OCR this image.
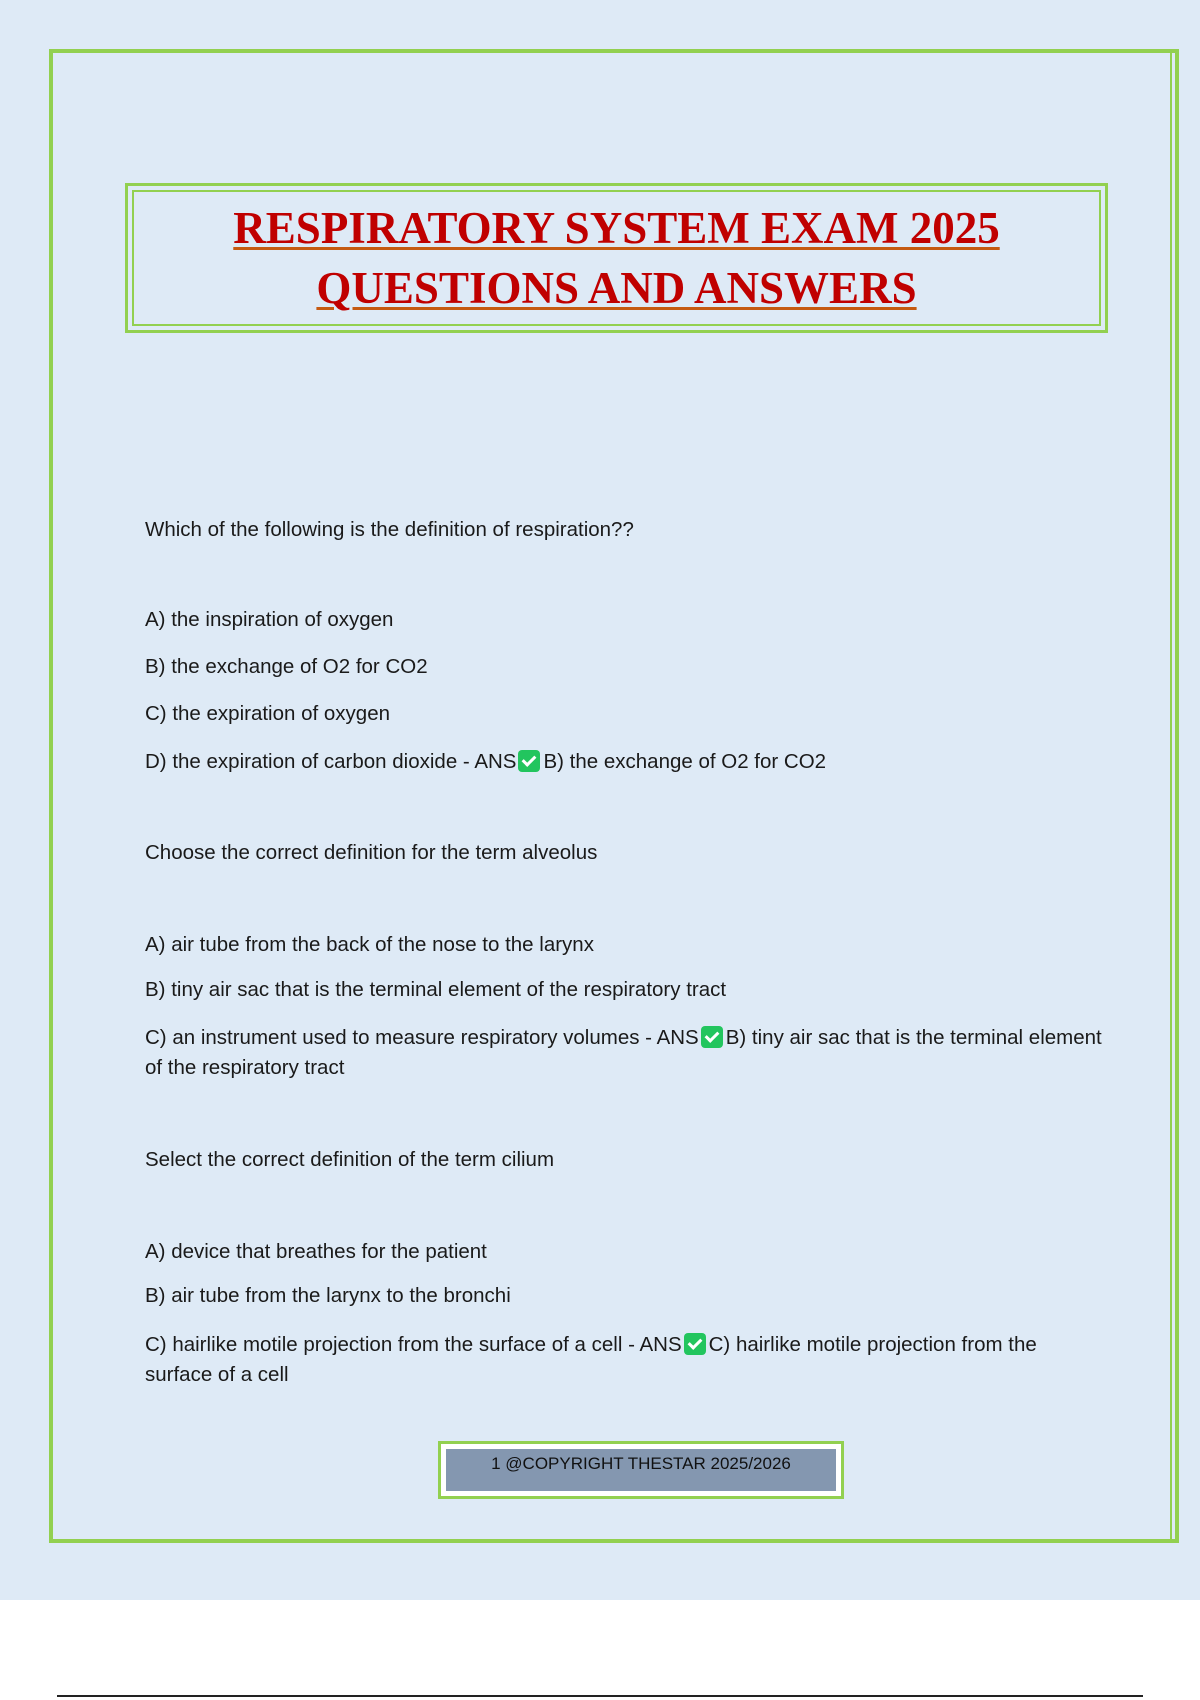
RESPIRATORY SYSTEM EXAM 2025
QUESTIONS AND ANSWERS
Which of the following is the definition of respiration??
A) the inspiration of oxygen
B) the exchange of O2 for CO2
C) the expiration of oxygen
D) the expiration of carbon dioxide - ANS B) the exchange of O2 for CO2
Choose the correct definition for the term alveolus
A) air tube from the back of the nose to the larynx
B) tiny air sac that is the terminal element of the respiratory tract
C) an instrument used to measure respiratory volumes - ANS B) tiny air sac that is the terminal element of the respiratory tract
Select the correct definition of the term cilium
A) device that breathes for the patient
B) air tube from the larynx to the bronchi
C) hairlike motile projection from the surface of a cell - ANS C) hairlike motile projection from the surface of a cell
1 @COPYRIGHT THESTAR 2025/2026
